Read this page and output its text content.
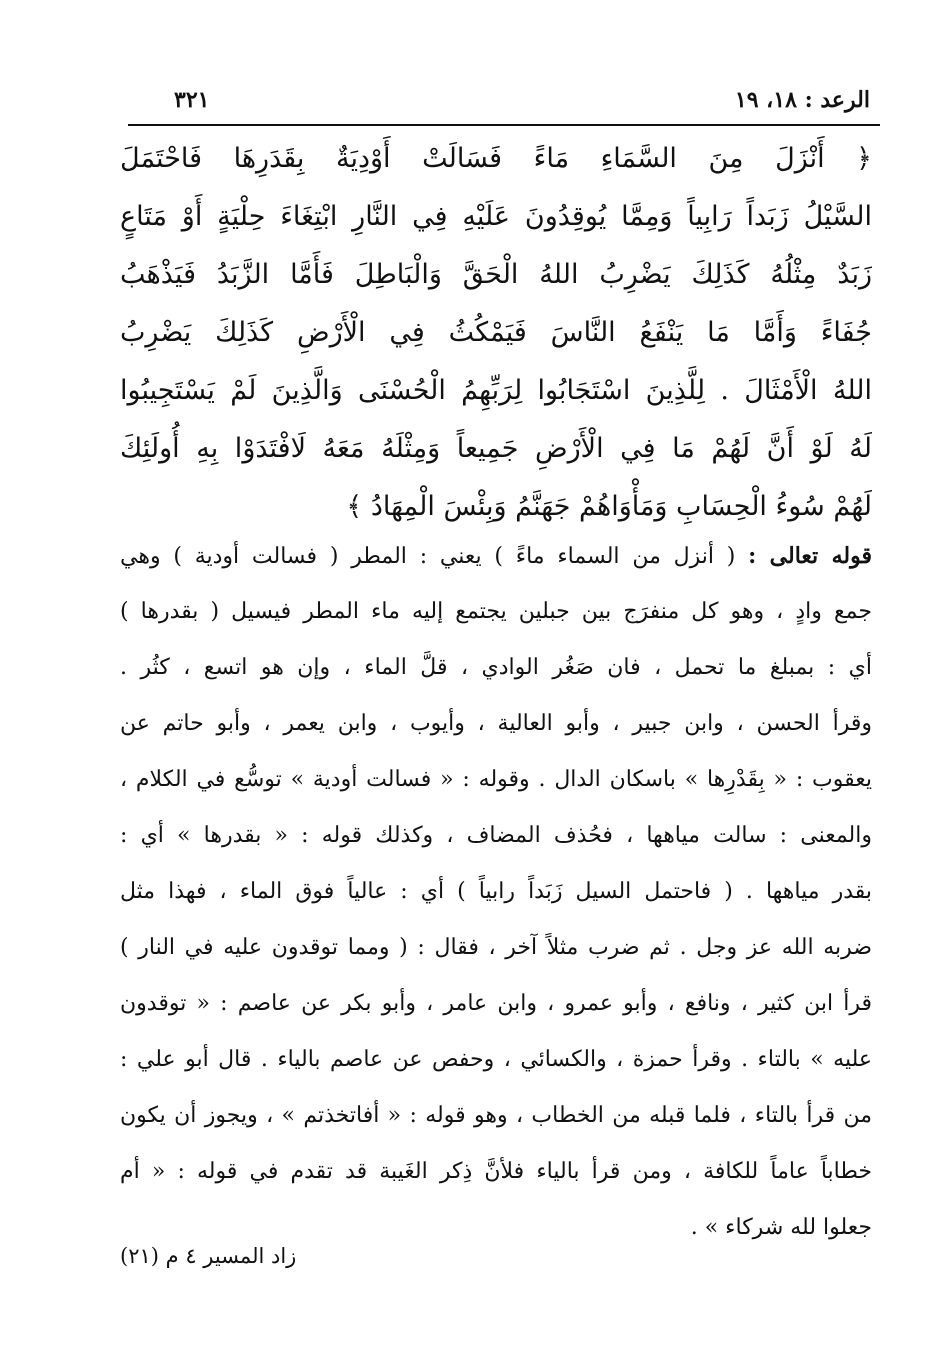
الرعد : ١٨، ١٩
٣٢١
﴿ أَنْزَلَ مِنَ السَّمَاءِ مَاءً فَسَالَتْ أَوْدِيَةٌ بِقَدَرِهَا فَاحْتَمَلَ
السَّيْلُ زَبَداً رَابِياً وَمِمَّا يُوقِدُونَ عَلَيْهِ فِي النَّارِ ابْتِغَاءَ حِلْيَةٍ أَوْ مَتَاعٍ
زَبَدٌ مِثْلُهُ كَذَلِكَ يَضْرِبُ اللهُ الْحَقَّ وَالْبَاطِلَ فَأَمَّا الزَّبَدُ فَيَذْهَبُ
جُفَاءً وَأَمَّا مَا يَنْفَعُ النَّاسَ فَيَمْكُثُ فِي الْأَرْضِ كَذَلِكَ يَضْرِبُ
اللهُ الْأَمْثَالَ . لِلَّذِينَ اسْتَجَابُوا لِرَبِّهِمُ الْحُسْنَى وَالَّذِينَ لَمْ يَسْتَجِيبُوا
لَهُ لَوْ أَنَّ لَهُمْ مَا فِي الْأَرْضِ جَمِيعاً وَمِثْلَهُ مَعَهُ لَافْتَدَوْا بِهِ أُولَئِكَ
لَهُمْ سُوءُ الْحِسَابِ وَمَأْوَاهُمْ جَهَنَّمُ وَبِئْسَ الْمِهَادُ ﴾
قوله تعالى : ( أنزل من السماء ماءً ) يعني : المطر ( فسالت أودية ) وهي
جمع وادٍ ، وهو كل منفرَج بين جبلين يجتمع إليه ماء المطر فيسيل ( بقدرها )
أي : بمبلغ ما تحمل ، فان صَغُر الوادي ، قلَّ الماء ، وإن هو اتسع ، كثُر .
وقرأ الحسن ، وابن جبير ، وأبو العالية ، وأيوب ، وابن يعمر ، وأبو حاتم عن
يعقوب : « بِقَدْرِها » باسكان الدال . وقوله : « فسالت أودية » توسُّع في الكلام ،
والمعنى : سالت مياهها ، فحُذف المضاف ، وكذلك قوله : « بقدرها » أي :
بقدر مياهها . ( فاحتمل السيل زَبَداً رابياً ) أي : عالياً فوق الماء ، فهذا مثل
ضربه الله عز وجل . ثم ضرب مثلاً آخر ، فقال : ( ومما توقدون عليه في النار )
قرأ ابن كثير ، ونافع ، وأبو عمرو ، وابن عامر ، وأبو بكر عن عاصم : « توقدون
عليه » بالتاء . وقرأ حمزة ، والكسائي ، وحفص عن عاصم بالياء . قال أبو علي :
من قرأ بالتاء ، فلما قبله من الخطاب ، وهو قوله : « أفاتخذتم » ، ويجوز أن يكون
خطاباً عاماً للكافة ، ومن قرأ بالياء فلأنَّ ذِكر الغَيبة قد تقدم في قوله : « أم
جعلوا لله شركاء » .
زاد المسير ٤ م (٢١)
